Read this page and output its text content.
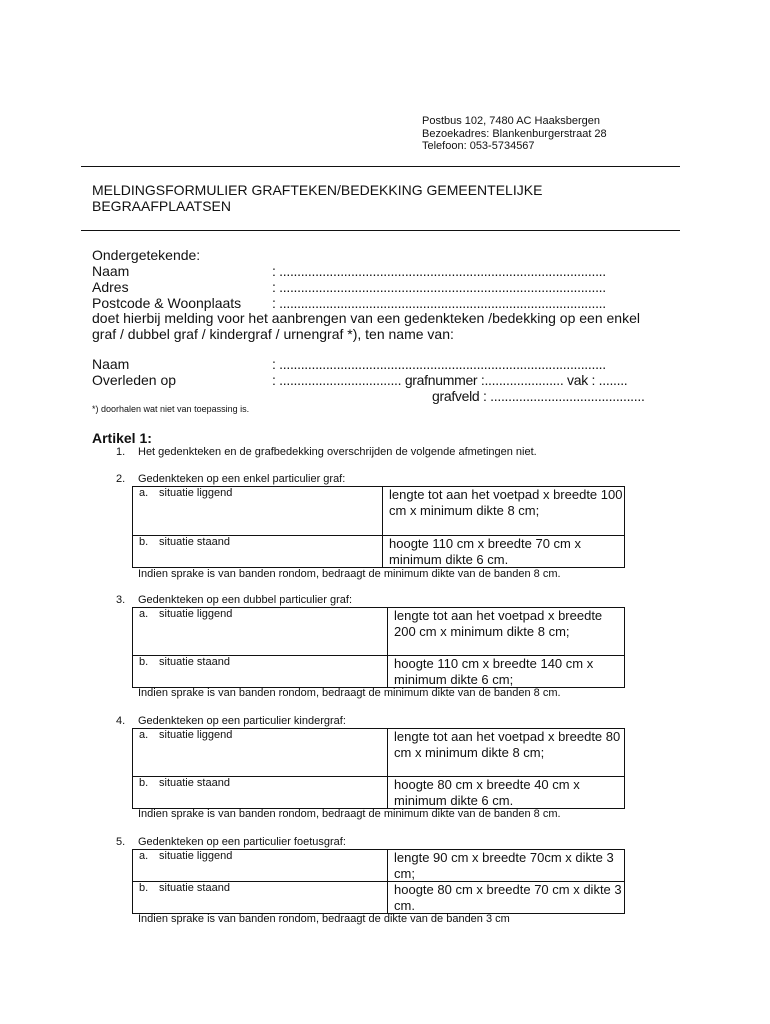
Postbus 102, 7480 AC Haaksbergen
Bezoekadres: Blankenburgerstraat 28
Telefoon: 053-5734567
MELDINGSFORMULIER GRAFTEKEN/BEDEKKING GEMEENTELIJKE
BEGRAAFPLAATSEN
Ondergetekende:
Naam	: ...........................................................................................
Adres	: ...........................................................................................
Postcode & Woonplaats : ...........................................................................................
doet hierbij melding voor het aanbrengen van een gedenkteken /bedekking op een enkel
graf / dubbel graf / kindergraf / urnengraf *), ten name van:
Naam	: ...........................................................................................
Overleden op	: .................................. grafnummer :...................... vak : ........
grafveld : ...........................................
*) doorhalen wat niet van toepassing is.
Artikel 1:
1. Het gedenkteken en de grafbedekking overschrijden de volgende afmetingen niet.
2. Gedenkteken op een enkel particulier graf:
a. situatie liggend	lengte tot aan het voetpad x breedte 100 cm x minimum dikte 8 cm;
b. situatie staand	hoogte 110 cm x breedte 70 cm x minimum dikte 6 cm.
Indien sprake is van banden rondom, bedraagt de minimum dikte van de banden 8 cm.
3. Gedenkteken op een dubbel particulier graf:
a. situatie liggend	lengte tot aan het voetpad x breedte 200 cm x minimum dikte 8 cm;
b. situatie staand	hoogte 110 cm x breedte 140 cm x minimum dikte 6 cm;
Indien sprake is van banden rondom, bedraagt de minimum dikte van de banden 8 cm.
4. Gedenkteken op een particulier kindergraf:
a. situatie liggend	lengte tot aan het voetpad x breedte 80 cm x minimum dikte 8 cm;
b. situatie staand	hoogte 80 cm x breedte 40 cm x minimum dikte 6 cm.
Indien sprake is van banden rondom, bedraagt de minimum dikte van de banden 8 cm.
5. Gedenkteken op een particulier foetusgraf:
a. situatie liggend	lengte 90 cm x breedte 70cm x dikte 3 cm;
b. situatie staand	hoogte 80 cm x breedte 70 cm x dikte 3 cm.
Indien sprake is van banden rondom, bedraagt de dikte van de banden 3 cm
